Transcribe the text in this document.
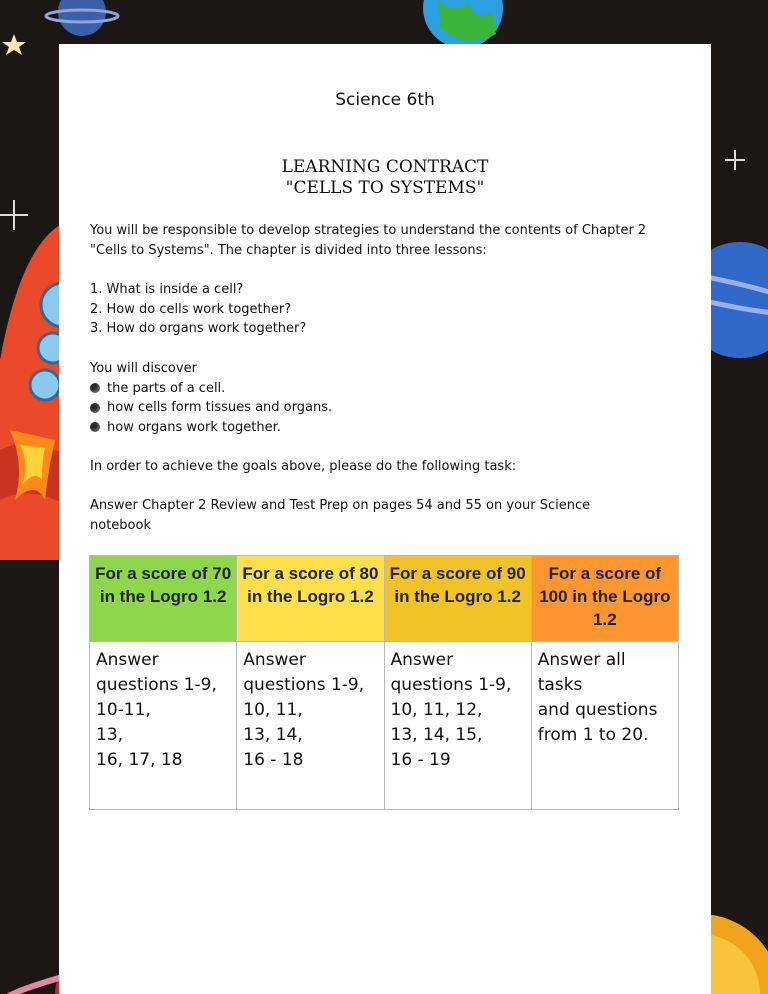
Science 6th
LEARNING CONTRACT
"CELLS TO SYSTEMS"

You will be responsible to develop strategies to understand the contents of Chapter 2

"Cells to Systems". The chapter is divided into three lessons:

1. What is inside a cell?

2. How do cells work together?

3. How do organs work together?

You will discover

the parts of a cell.
how cells form tissues and organs.
how organs work together.

In order to achieve the goals above, please do the following task:

Answer Chapter 2 Review and Test Prep on pages 54 and 55 on your Science

notebook

For a score of 70 in the Logro 1.2	For a score of 80 in the Logro 1.2	For a score of 90 in the Logro 1.2	For a score of 100 in the Logro 1.2
Answer
questions 1-9,
10-11,
13,
16, 17, 18	Answer
questions 1-9,
10, 11,
13, 14,
16 - 18	Answer
questions 1-9,
10, 11, 12,
13, 14, 15,
16 - 19	Answer all tasks
and questions
from 1 to 20.
